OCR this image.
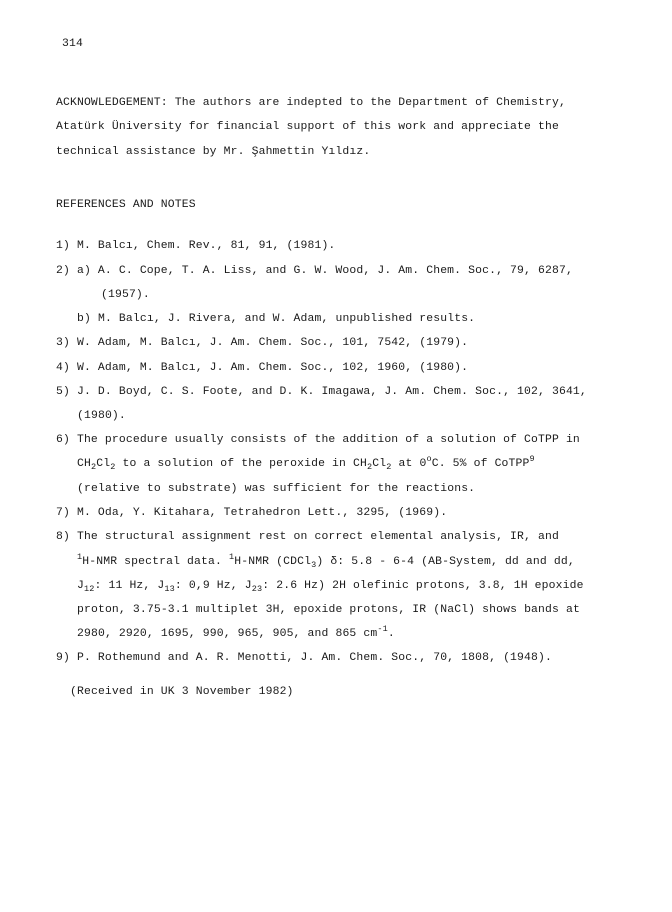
314
ACKNOWLEDGEMENT: The authors are indepted to the Department of Chemistry,
Atatürk Üniversity for financial support of this work and appreciate the
technical assistance by Mr. Şahmettin Yıldız.
REFERENCES AND NOTES
1) M. Balcı, Chem. Rev., 81, 91, (1981).
2) a) A. C. Cope, T. A. Liss, and G. W. Wood, J. Am. Chem. Soc., 79, 6287,
(1957).
b) M. Balcı, J. Rivera, and W. Adam, unpublished results.
3) W. Adam, M. Balcı, J. Am. Chem. Soc., 101, 7542, (1979).
4) W. Adam, M. Balcı, J. Am. Chem. Soc., 102, 1960, (1980).
5) J. D. Boyd, C. S. Foote, and D. K. Imagawa, J. Am. Chem. Soc., 102, 3641,
(1980).
6) The procedure usually consists of the addition of a solution of CoTPP in
$CH_2Cl_2$ to a solution of the peroxide in $CH_2Cl_2$ at 0$^o$C. 5% of CoTPP$^9$
(relative to substrate) was sufficient for the reactions.
7) M. Oda, Y. Kitahara, Tetrahedron Lett., 3295, (1969).
8) The structural assignment rest on correct elemental analysis, IR, and
$^1$H-NMR spectral data. $^1$H-NMR (CDCl$_3$) δ: 5.8 - 6-4 (AB-System, dd and dd,
$J_{12}$: 11 Hz, $J_{13}$: 0,9 Hz, $J_{23}$: 2.6 Hz) 2H olefinic protons, 3.8, 1H epoxide
proton, 3.75-3.1 multiplet 3H, epoxide protons, IR (NaCl) shows bands at
2980, 2920, 1695, 990, 965, 905, and 865 $cm^{-1}$.
9) P. Rothemund and A. R. Menotti, J. Am. Chem. Soc., 70, 1808, (1948).
(Received in UK 3 November 1982)
